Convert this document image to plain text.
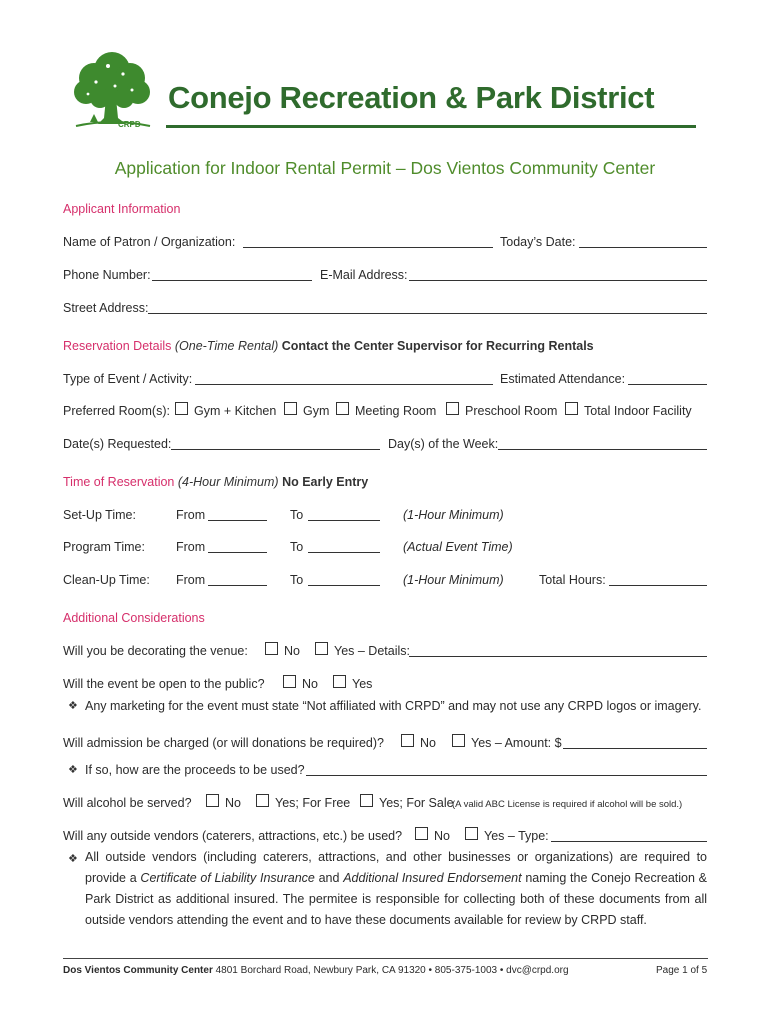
CRPD
Conejo Recreation & Park District
Application for Indoor Rental Permit – Dos Vientos Community Center
Applicant Information
Name of Patron / Organization:	Today’s Date:
Phone Number:	E-Mail Address:
Street Address:
Reservation Details (One-Time Rental) Contact the Center Supervisor for Recurring Rentals
Type of Event / Activity:	Estimated Attendance:
Preferred Room(s): Gym + Kitchen Gym Meeting Room Preschool Room Total Indoor Facility
Date(s) Requested:	Day(s) of the Week:
Time of Reservation (4-Hour Minimum) No Early Entry
Set-Up Time:	From	To	(1-Hour Minimum)
Program Time: From	To	(Actual Event Time)
Clean-Up Time: From	To	(1-Hour Minimum)	Total Hours:
Additional Considerations
Will you be decorating the venue:	No	Yes – Details:
Will the event be open to the public?	No	Yes
❖ Any marketing for the event must state “Not affiliated with CRPD” and may not use any CRPD logos or imagery.
Will admission be charged (or will donations be required)?	No	Yes – Amount: $
❖ If so, how are the proceeds to be used?
Will alcohol be served?	No	Yes; For Free Yes; For Sale
(A valid ABC License is required if alcohol will be sold.)
Will any outside vendors (caterers, attractions, etc.) be used?	No	Yes – Type:
❖ All outside vendors (including caterers, attractions, and other businesses or organizations) are required to provide a Certificate of Liability Insurance and Additional Insured Endorsement naming the Conejo Recreation & Park District as additional insured. The permitee is responsible for collecting both of these documents from all outside vendors attending the event and to have these documents available for review by CRPD staff.
Dos Vientos Community Center 4801 Borchard Road, Newbury Park, CA 91320 • 805-375-1003 • dvc@crpd.org	Page 1 of 5
